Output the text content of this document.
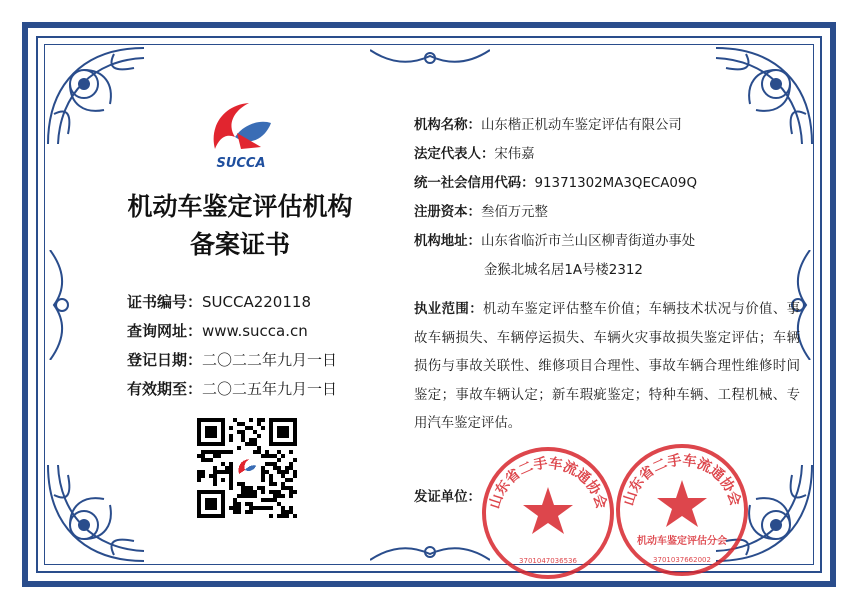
SUCCA
机动车鉴定评估机构
备案证书
证书编号：SUCCA220118
查询网址：www.succa.cn
登记日期：二〇二二年九月一日
有效期至：二〇二五年九月一日
机构名称：山东楷正机动车鉴定评估有限公司
法定代表人：宋伟嘉
统一社会信用代码：91371302MA3QECA09Q
注册资本：叁佰万元整
机构地址：山东省临沂市兰山区柳青街道办事处
金猴北城名居1A号楼2312
执业范围：机动车鉴定评估整车价值；车辆技术状况与价值、事故车辆损失、车辆停运损失、车辆火灾事故损失鉴定评估；车辆损伤与事故关联性、维修项目合理性、事故车辆合理性维修时间鉴定；事故车辆认定；新车瑕疵鉴定；特种车辆、工程机械、专用汽车鉴定评估。
发证单位： 山东省二手车流通协会
3701047036536
山东省二手车流通协会
机动车鉴定评估分会
3701037662002
